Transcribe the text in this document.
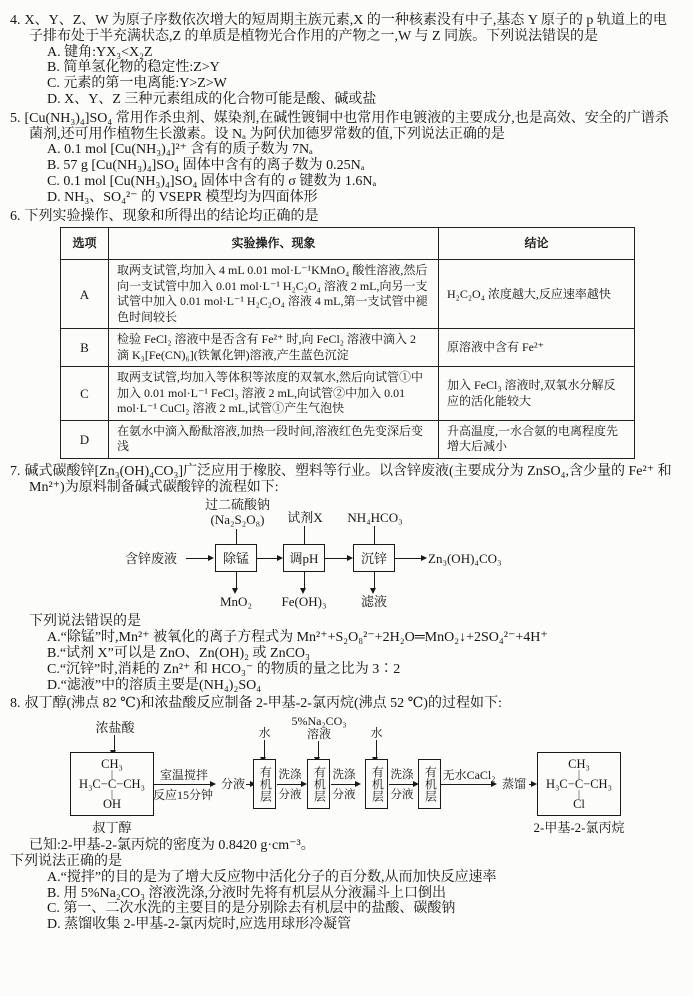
4. X、Y、Z、W 为原子序数依次增大的短周期主族元素,X 的一种核素没有中子,基态 Y 原子的 p 轨道上的电子排布处于半充满状态,Z 的单质是植物光合作用的产物之一,W 与 Z 同族。下列说法错误的是
A. 键角:YX₃<X₂Z
B. 简单氢化物的稳定性:Z>Y
C. 元素的第一电离能:Y>Z>W
D. X、Y、Z 三种元素组成的化合物可能是酸、碱或盐
5. [Cu(NH₃)₄]SO₄ 常用作杀虫剂、媒染剂,在碱性镀铜中也常用作电镀液的主要成分,也是高效、安全的广谱杀菌剂,还可用作植物生长激素。设 Nₐ 为阿伏加德罗常数的值,下列说法正确的是
A. 0.1 mol [Cu(NH₃)₄]²⁺ 含有的质子数为 7Nₐ
B. 57 g [Cu(NH₃)₄]SO₄ 固体中含有的离子数为 0.25Nₐ
C. 0.1 mol [Cu(NH₃)₄]SO₄ 固体中含有的 σ 键数为 1.6Nₐ
D. NH₃、SO₄²⁻ 的 VSEPR 模型均为四面体形
6. 下列实验操作、现象和所得出的结论均正确的是
选项	实验操作、现象	结论
A	取两支试管,均加入 4 mL 0.01 mol·L⁻¹KMnO₄ 酸性溶液,然后向一支试管中加入 0.01 mol·L⁻¹ H₂C₂O₄ 溶液 2 mL,向另一支试管中加入 0.01 mol·L⁻¹ H₂C₂O₄ 溶液 4 mL,第一支试管中褪色时间较长	H₂C₂O₄ 浓度越大,反应速率越快
B	检验 FeCl₂ 溶液中是否含有 Fe²⁺ 时,向 FeCl₂ 溶液中滴入 2 滴 K₃[Fe(CN)₆](铁氰化钾)溶液,产生蓝色沉淀	原溶液中含有 Fe²⁺
C	取两支试管,均加入等体积等浓度的双氧水,然后向试管①中加入 0.01 mol·L⁻¹ FeCl₃ 溶液 2 mL,向试管②中加入 0.01 mol·L⁻¹ CuCl₂ 溶液 2 mL,试管①产生气泡快	加入 FeCl₃ 溶液时,双氧水分解反应的活化能较大
D	在氨水中滴入酚酞溶液,加热一段时间,溶液红色先变深后变浅	升高温度,一水合氨的电离程度先增大后减小
7. 碱式碳酸锌[Zn₃(OH)₄CO₃]广泛应用于橡胶、塑料等行业。以含锌废液(主要成分为 ZnSO₄,含少量的 Fe²⁺ 和 Mn²⁺)为原料制备碱式碳酸锌的流程如下:
过二硫酸钠
(Na₂S₂O₈)	试剂X	NH₄HCO₃
含锌废液	除锰	调pH	沉锌	Zn₃(OH)₄CO₃
MnO₂	Fe(OH)₃	滤液
下列说法错误的是
A.“除锰”时,Mn²⁺ 被氧化的离子方程式为 Mn²⁺+S₂O₈²⁻+2H₂O═MnO₂↓+2SO₄²⁻+4H⁺
B.“试剂 X”可以是 ZnO、Zn(OH)₂ 或 ZnCO₃
C.“沉锌”时,消耗的 Zn²⁺ 和 HCO₃⁻ 的物质的量之比为 3∶2
D.“滤液”中的溶质主要是(NH₄)₂SO₄
8. 叔丁醇(沸点 82 ℃)和浓盐酸反应制备 2-甲基-2-氯丙烷(沸点 52 ℃)的过程如下:
浓盐酸
CH₃
|
H₃C−C−CH₃
|
OH
叔丁醇
室温搅拌
反应15分钟
分液
水
有机层 洗涤
分液
5%Na₂CO₃
溶液
有机层 洗涤
分液
水
有机层 洗涤
分液 有机层 无水CaCl₂
蒸馏
CH₃
|
H₃C−C−CH₃
|
Cl
2-甲基-2-氯丙烷
已知:2-甲基-2-氯丙烷的密度为 0.8420 g·cm⁻³。
下列说法正确的是
A.“搅拌”的目的是为了增大反应物中活化分子的百分数,从而加快反应速率
B. 用 5%Na₂CO₃ 溶液洗涤,分液时先将有机层从分液漏斗上口倒出
C. 第一、二次水洗的主要目的是分别除去有机层中的盐酸、碳酸钠
D. 蒸馏收集 2-甲基-2-氯丙烷时,应选用球形冷凝管
